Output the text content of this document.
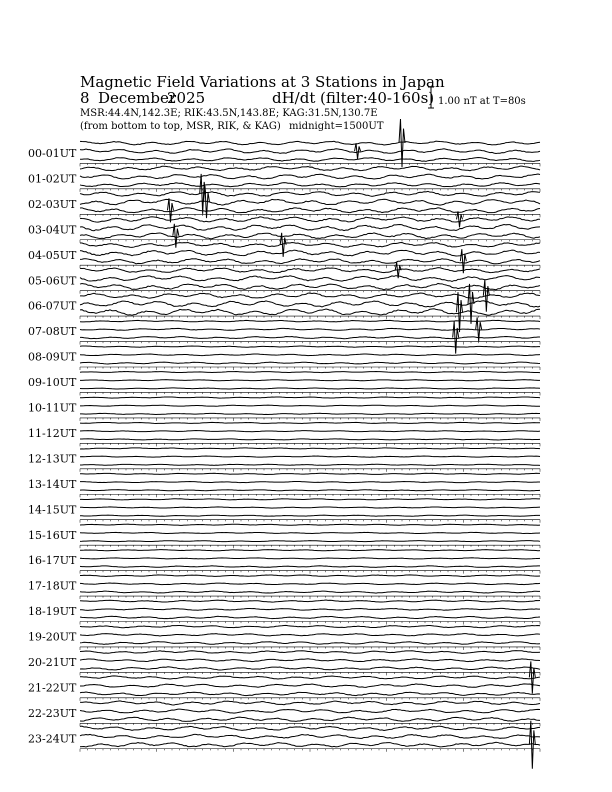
Magnetic Field Variations at 3 Stations in Japan
8 December
2025	dH/dt (filter:40-160s)
MSR:44.4N,142.3E; RIK:43.5N,143.8E; KAG:31.5N,130.7E
(from bottom to top, MSR, RIK, & KAG) midnight=1500UT
1.00 nT at T=80s
00-01UT
01-02UT
02-03UT
03-04UT
04-05UT
05-06UT
06-07UT
07-08UT
08-09UT
09-10UT
10-11UT
11-12UT
12-13UT
13-14UT
14-15UT
15-16UT
16-17UT
17-18UT
18-19UT
19-20UT
20-21UT
21-22UT
22-23UT
23-24UT
